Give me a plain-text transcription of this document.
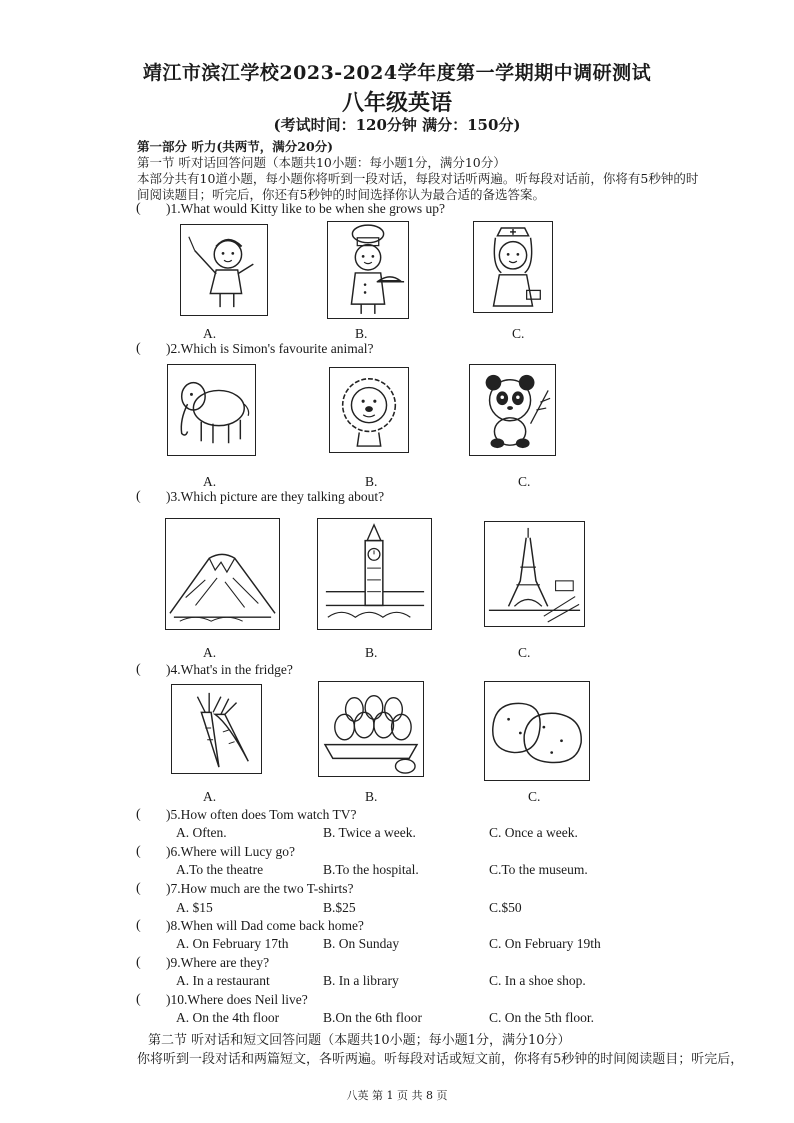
靖江市滨江学校2023-2024学年度第一学期期中调研测试
八年级英语
(考试时间：120分钟 满分：150分)
第一部分 听力(共两节，满分20分)
第一节 听对话回答问题（本题共10小题：每小题1分，满分10分）
本部分共有10道小题，每小题你将听到一段对话，每段对话听两遍。听每段对话前，你将有5秒钟的时
间阅读题目；听完后，你还有5秒钟的时间选择你认为最合适的备选答案。
( )1.What would Kitty like to be when she grows up?
A.	B.	C.
( )2.Which is Simon's favourite animal?
A.	B.	C.
( )3.Which picture are they talking about?
A.	B.	C.
( )4.What's in the fridge?
A.	B.	C.
( )5.How often does Tom watch TV?
A. Often.	B. Twice a week.	C. Once a week.
( )6.Where will Lucy go?
A.To the theatre	B.To the hospital.	C.To the museum.
( )7.How much are the two T-shirts?
A. $15	B.$25	C.$50
( )8.When will Dad come back home?
A. On February 17th	B. On Sunday	C. On February 19th
( )9.Where are they?
A. In a restaurant	B. In a library	C. In a shoe shop.
( )10.Where does Neil live?
A. On the 4th floor	B.On the 6th floor	C. On the 5th floor.
第二节 听对话和短文回答问题（本题共10小题；每小题1分，满分10分）
你将听到一段对话和两篇短文，各听两遍。听每段对话或短文前，你将有5秒钟的时间阅读题目；听完后，
八英 第 1 页 共 8 页
